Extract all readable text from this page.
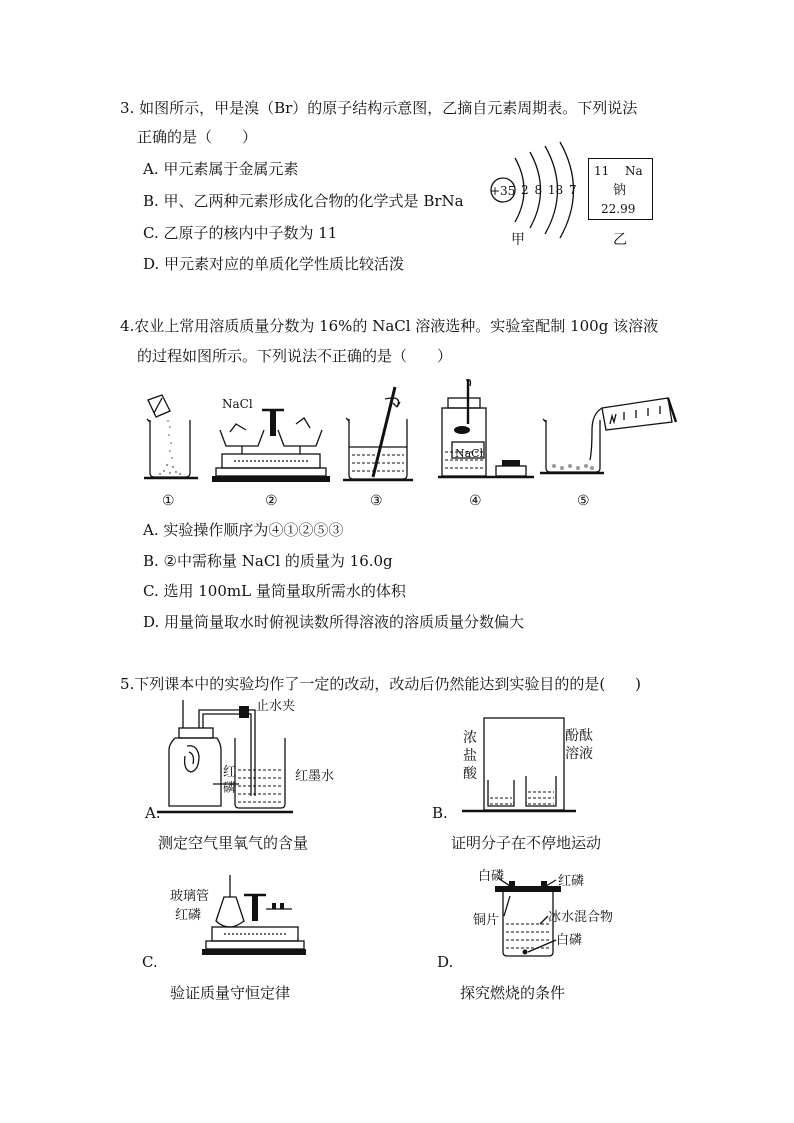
3. 如图所示，甲是溴（Br）的原子结构示意图，乙摘自元素周期表。下列说法
正确的是（　　）
A. 甲元素属于金属元素
B. 甲、乙两种元素形成化合物的化学式是 BrNa
C. 乙原子的核内中子数为 11
D. 甲元素对应的单质化学性质比较活泼
+35 2 8 18 7
甲
11 Na
钠
22.99
乙
4.农业上常用溶质质量分数为 16%的 NaCl 溶液选种。实验室配制 100g 该溶液
的过程如图所示。下列说法不正确的是（　　）
①
NaCl
②	③
NaCl
④	⑤
A. 实验操作顺序为④①②⑤③
B. ②中需称量 NaCl 的质量为 16.0g
C. 选用 100mL 量筒量取所需水的体积
D. 用量筒量取水时俯视读数所得溶液的溶质质量分数偏大
5.下列课本中的实验均作了一定的改动，改动后仍然能达到实验目的的是(　　)
止水夹
红
磷
红墨水
A.
测定空气里氧气的含量
浓
盐
酸
酚酞
溶液
B.
证明分子在不停地运动
玻璃管
红磷
C.
验证质量守恒定律
白磷	红磷
铜片	冰水混合物
白磷
D.
探究燃烧的条件
